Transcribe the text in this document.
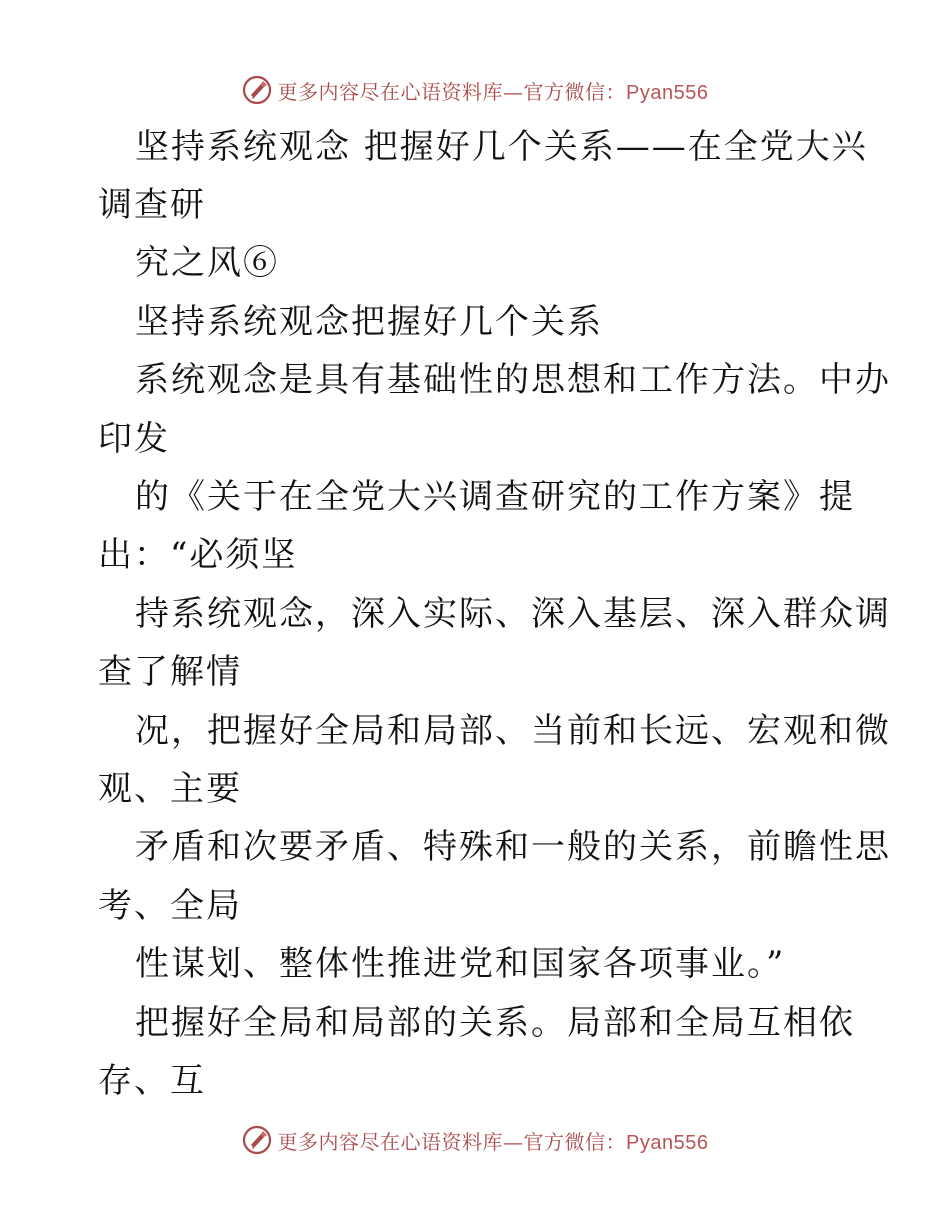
更多内容尽在心语资料库—官方微信：Pyan556
坚持系统观念 把握好几个关系——在全党大兴
调查研
究之风⑥
坚持系统观念把握好几个关系
系统观念是具有基础性的思想和工作方法。中办
印发
的《关于在全党大兴调查研究的工作方案》提
出：“必须坚
持系统观念，深入实际、深入基层、深入群众调
查了解情
况，把握好全局和局部、当前和长远、宏观和微
观、主要
矛盾和次要矛盾、特殊和一般的关系，前瞻性思
考、全局
性谋划、整体性推进党和国家各项事业。”
把握好全局和局部的关系。局部和全局互相依
存、互
更多内容尽在心语资料库—官方微信：Pyan556
